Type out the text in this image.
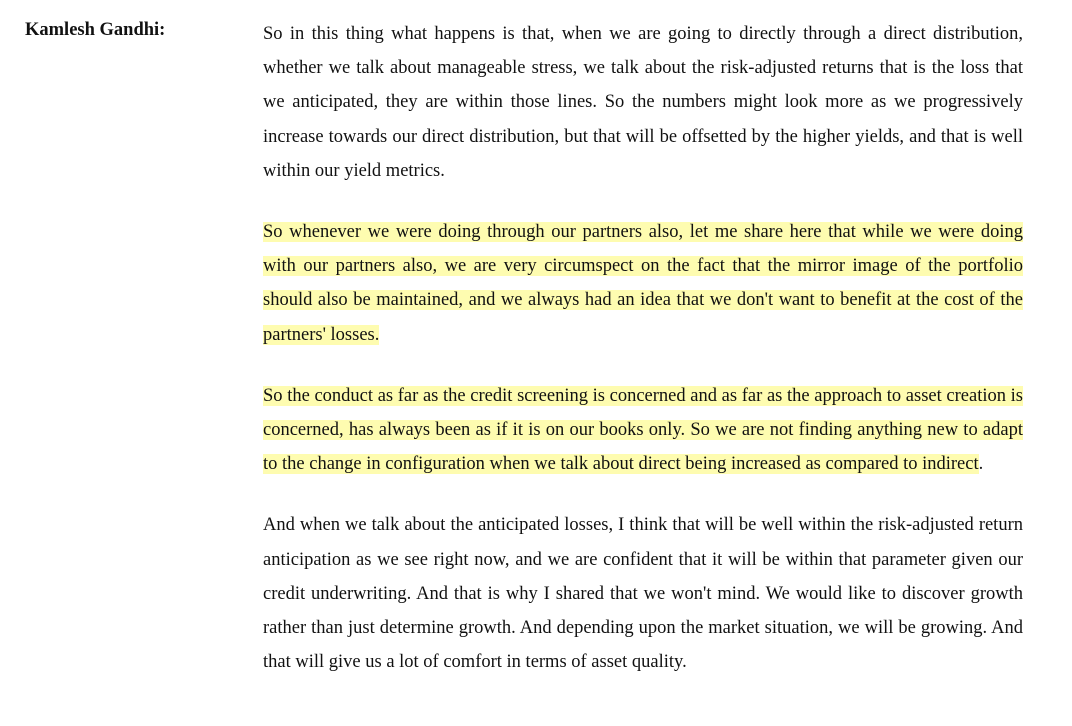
Kamlesh Gandhi:	So in this thing what happens is that, when we are going to directly through a direct distribution, whether we talk about manageable stress, we talk about the risk-adjusted returns that is the loss that we anticipated, they are within those lines. So the numbers might look more as we progressively increase towards our direct distribution, but that will be offsetted by the higher yields, and that is well within our yield metrics.

So whenever we were doing through our partners also, let me share here that while we were doing with our partners also, we are very circumspect on the fact that the mirror image of the portfolio should also be maintained, and we always had an idea that we don't want to benefit at the cost of the partners' losses.

So the conduct as far as the credit screening is concerned and as far as the approach to asset creation is concerned, has always been as if it is on our books only. So we are not finding anything new to adapt to the change in configuration when we talk about direct being increased as compared to indirect.

And when we talk about the anticipated losses, I think that will be well within the risk-adjusted return anticipation as we see right now, and we are confident that it will be within that parameter given our credit underwriting. And that is why I shared that we won't mind. We would like to discover growth rather than just determine growth. And depending upon the market situation, we will be growing. And that will give us a lot of comfort in terms of asset quality.
